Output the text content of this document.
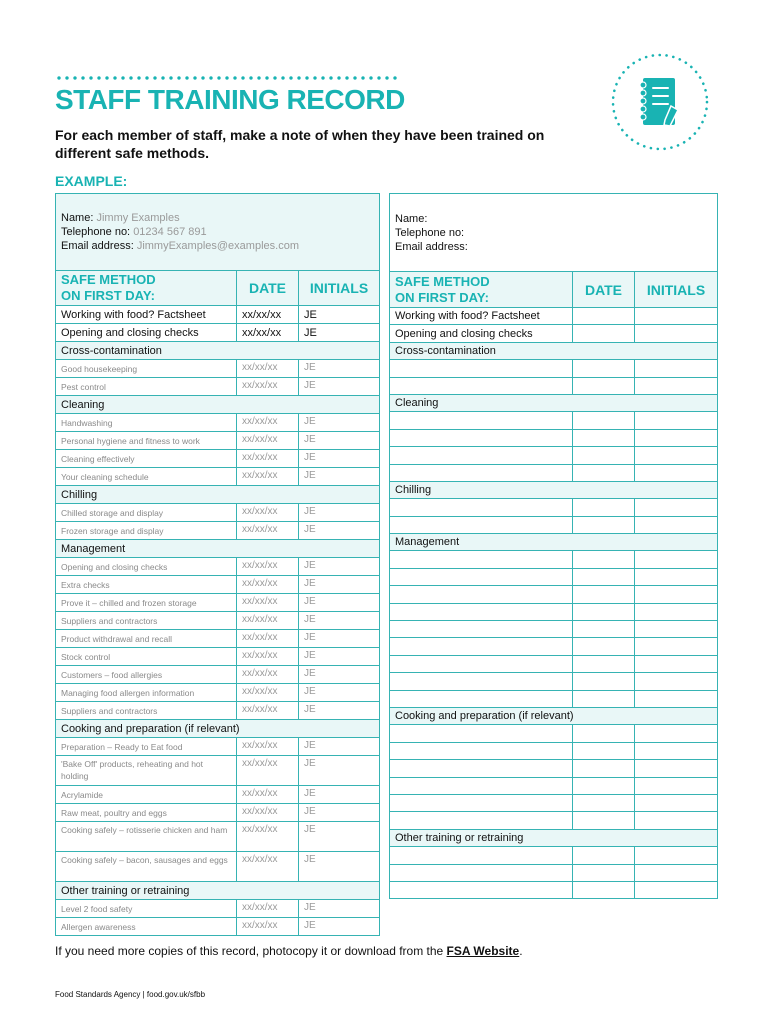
STAFF TRAINING RECORD

For each member of staff, make a note of when they have been trained on different safe methods.

EXAMPLE:

Name: Jimmy Examples
Telephone no: 01234 567 891
Email address: JimmyExamples@examples.com		

SAFE METHOD
ON FIRST DAY:	DATE	INITIALS
Working with food? Factsheet	xx/xx/xx	JE
Opening and closing checks	xx/xx/xx	JE
Cross-contamination		
Good housekeeping	xx/xx/xx	JE
Pest control	xx/xx/xx	JE
Cleaning		
Handwashing	xx/xx/xx	JE
Personal hygiene and fitness to work	xx/xx/xx	JE
Cleaning effectively	xx/xx/xx	JE
Your cleaning schedule	xx/xx/xx	JE
Chilling		
Chilled storage and display	xx/xx/xx	JE
Frozen storage and display	xx/xx/xx	JE
Management		
Opening and closing checks	xx/xx/xx	JE
Extra checks	xx/xx/xx	JE
Prove it – chilled and frozen storage	xx/xx/xx	JE
Suppliers and contractors	xx/xx/xx	JE
Product withdrawal and recall	xx/xx/xx	JE
Stock control	xx/xx/xx	JE
Customers – food allergies	xx/xx/xx	JE
Managing food allergen information	xx/xx/xx	JE
Suppliers and contractors	xx/xx/xx	JE
Cooking and preparation (if relevant)		
Preparation – Ready to Eat food	xx/xx/xx	JE
'Bake Off' products, reheating and hot holding	xx/xx/xx	JE
Acrylamide	xx/xx/xx	JE
Raw meat, poultry and eggs	xx/xx/xx	JE
Cooking safely – rotisserie chicken and ham	xx/xx/xx	JE
Cooking safely – bacon, sausages and eggs	xx/xx/xx	JE
Other training or retraining		
Level 2 food safety	xx/xx/xx	JE
Allergen awareness	xx/xx/xx	JE
Name:
Telephone no:
Email address:		

SAFE METHOD
ON FIRST DAY:	DATE	INITIALS
Working with food? Factsheet		
Opening and closing checks		
Cross-contamination		

Cleaning		

Chilling		

Management		

Cooking and preparation (if relevant)		

Other training or retraining		

If you need more copies of this record, photocopy it or download from the FSA Website.

Food Standards Agency | food.gov.uk/sfbb
